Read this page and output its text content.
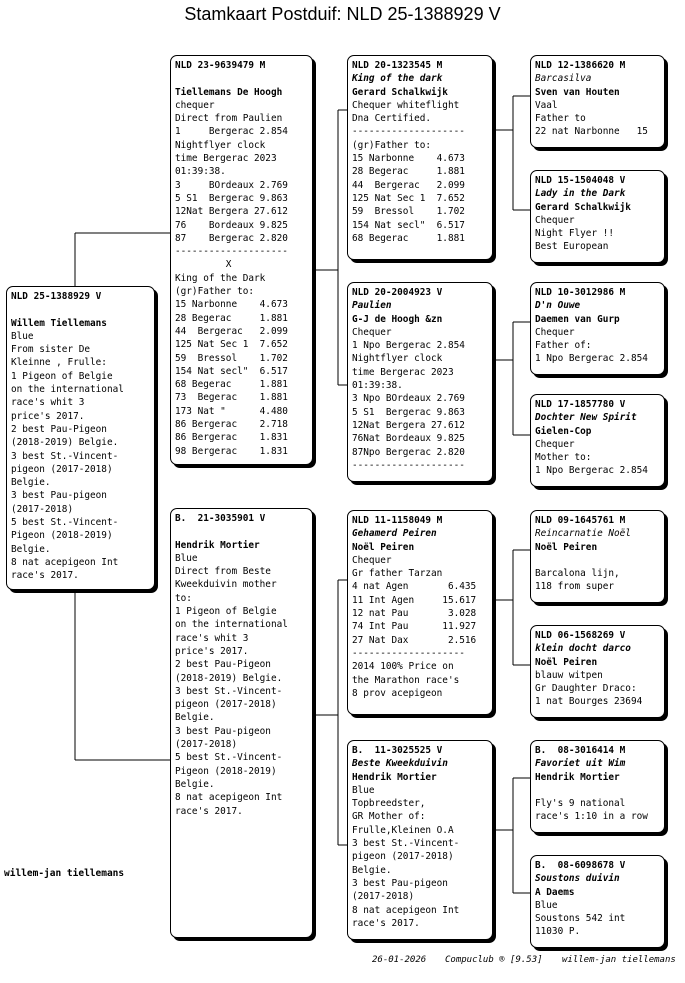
Stamkaart Postduif: NLD 25-1388929 V
NLD 25-1388929 V
Willem Tiellemans
Blue
From sister De
Kleinne , Frulle:
1 Pigeon of Belgie
on the international
race's whit 3
price's 2017.
2 best Pau-Pigeon
(2018-2019) Belgie.
3 best St.-Vincent-
pigeon (2017-2018)
Belgie.
3 best Pau-pigeon
(2017-2018)
5 best St.-Vincent-
Pigeon (2018-2019)
Belgie.
8 nat acepigeon Int
race's 2017.
NLD 23-9639479 M
Tiellemans De Hoogh
chequer
Direct from Paulien
1     Bergerac 2.854
Nightflyer clock
time Bergerac 2023
01:39:38.
3     BOrdeaux 2.769
5 S1  Bergerac 9.863
12Nat Bergera 27.612
76    Bordeaux 9.825
87    Bergerac 2.820
--------------------
X
King of the Dark
(gr)Father to:
15 Narbonne    4.673
28 Begerac     1.881
44  Bergerac   2.099
125 Nat Sec 1  7.652
59  Bressol    1.702
154 Nat secl"  6.517
68 Begerac     1.881
73  Begerac    1.881
173 Nat "      4.480
86 Bergerac    2.718
86 Bergerac    1.831
98 Bergerac    1.831
B.  21-3035901 V
Hendrik Mortier
Blue
Direct from Beste
Kweekduivin mother
to:
1 Pigeon of Belgie
on the international
race's whit 3
price's 2017.
2 best Pau-Pigeon
(2018-2019) Belgie.
3 best St.-Vincent-
pigeon (2017-2018)
Belgie.
3 best Pau-pigeon
(2017-2018)
5 best St.-Vincent-
Pigeon (2018-2019)
Belgie.
8 nat acepigeon Int
race's 2017.
NLD 20-1323545 M
King of the dark
Gerard Schalkwijk
Chequer whiteflight
Dna Certified.
--------------------
(gr)Father to:
15 Narbonne    4.673
28 Begerac     1.881
44  Bergerac   2.099
125 Nat Sec 1  7.652
59  Bressol    1.702
154 Nat secl"  6.517
68 Begerac     1.881
NLD 20-2004923 V
Paulien
G-J de Hoogh &zn
Chequer
1 Npo Bergerac 2.854
Nightflyer clock
time Bergerac 2023
01:39:38.
3 Npo BOrdeaux 2.769
5 S1  Bergerac 9.863
12Nat Bergera 27.612
76Nat Bordeaux 9.825
87Npo Bergerac 2.820
--------------------
NLD 11-1158049 M
Gehamerd Peiren
Noël Peiren
Chequer
Gr father Tarzan
4 nat Agen       6.435
11 Int Agen     15.617
12 nat Pau       3.028
74 Int Pau      11.927
27 Nat Dax       2.516
--------------------
2014 100% Price on
the Marathon race's
8 prov acepigeon
B.  11-3025525 V
Beste Kweekduivin
Hendrik Mortier
Blue
Topbreedster,
GR Mother of:
Frulle,Kleinen O.A
3 best St.-Vincent-
pigeon (2017-2018)
Belgie.
3 best Pau-pigeon
(2017-2018)
8 nat acepigeon Int
race's 2017.
NLD 12-1386620 M
Barcasilva
Sven van Houten
Vaal
Father to
22 nat Narbonne   15
NLD 15-1504048 V
Lady in the Dark
Gerard Schalkwijk
Chequer
Night Flyer !!
Best European
NLD 10-3012986 M
D'n Ouwe
Daemen van Gurp
Chequer
Father of:
1 Npo Bergerac 2.854
NLD 17-1857780 V
Dochter New Spirit
Gielen-Cop
Chequer
Mother to:
1 Npo Bergerac 2.854
NLD 09-1645761 M
Reincarnatie Noël
Noël Peiren
Barcalona lijn,
118 from super
NLD 06-1568269 V
klein docht darco
Noël Peiren
blauw witpen
Gr Daughter Draco:
1 nat Bourges 23694
B.  08-3016414 M
Favoriet uit Wim
Hendrik Mortier
Fly's 9 national
race's 1:10 in a row
B.  08-6098678 V
Soustons duivin
A Daems
Blue
Soustons 542 int
11030 P.
willem-jan tiellemans
26-01-2026 Compuclub ® [9.53] willem-jan tiellemans
